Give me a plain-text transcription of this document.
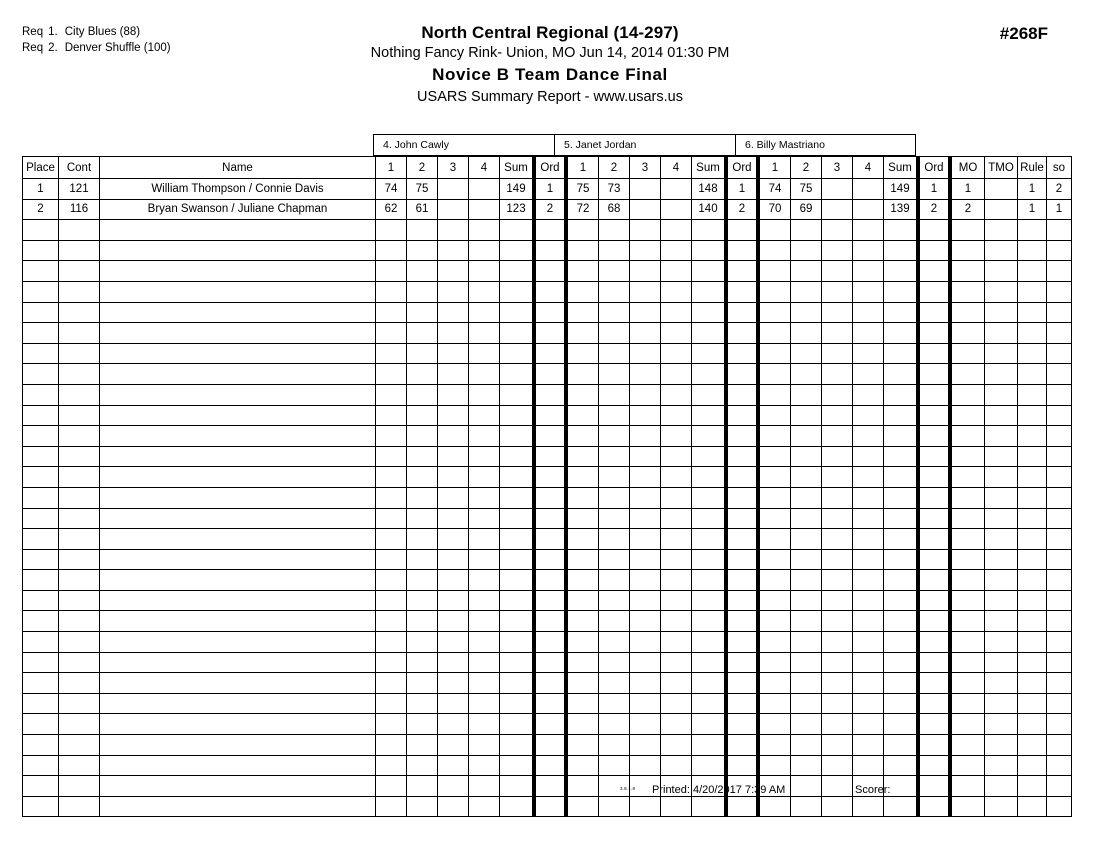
Req 1. City Blues (88)
Req 2. Denver Shuffle (100)
North Central Regional (14-297)
Nothing Fancy Rink- Union, MO Jun 14, 2014 01:30 PM
Novice B Team Dance Final
USARS Summary Report - www.usars.us
#268F
4. John Cawly	5. Janet Jordan	6. Billy Mastriano
Place	Cont	Name	1	2	3	4	Sum	Ord	1	2	3	4	Sum	Ord	1	2	3	4	Sum	Ord	MO	TMO	Rule	so
1	121	William Thompson / Connie Davis	74	75			149	1	75	73			148	1	74	75			149	1	1		1	2
2	116	Bryan Swanson / Juliane Chapman	62	61			123	2	72	68			140	2	70	69			139	2	2		1	1

3.8.1.8 Printed: 4/20/2017 7:39 AM	Scorer:
